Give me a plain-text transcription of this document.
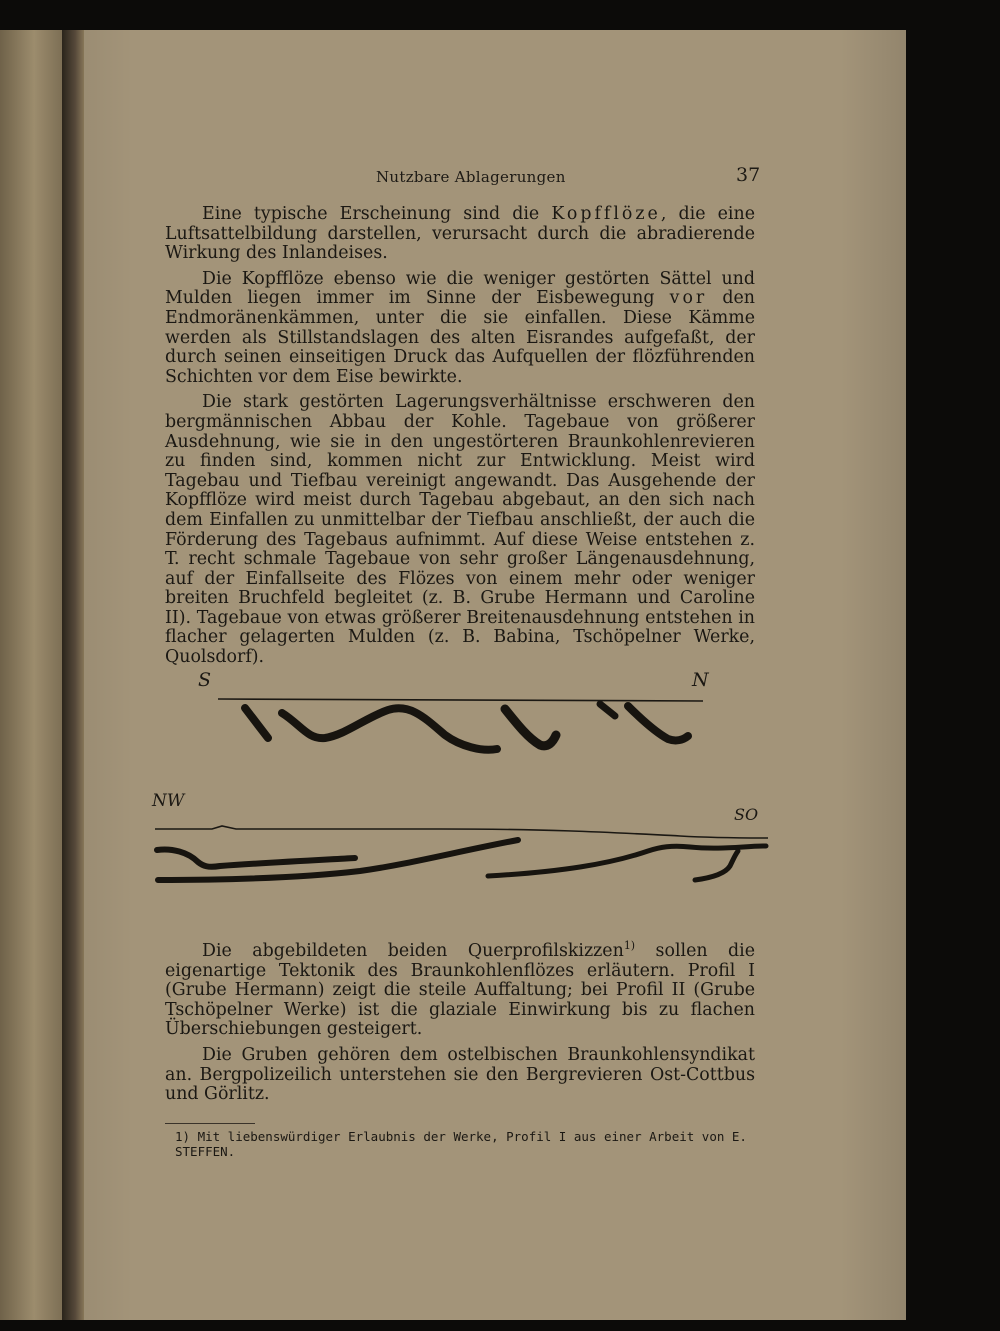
Nutzbare Ablagerungen	37

Eine typische Erscheinung sind die Kopfflöze, die eine Luftsattelbildung darstellen, verursacht durch die abradierende Wirkung des Inlandeises.

Die Kopfflöze ebenso wie die weniger gestörten Sättel und Mulden liegen immer im Sinne der Eisbewegung vor den Endmoränenkämmen, unter die sie einfallen. Diese Kämme werden als Stillstandslagen des alten Eisrandes aufgefaßt, der durch seinen einseitigen Druck das Aufquellen der flözführenden Schichten vor dem Eise bewirkte.

Die stark gestörten Lagerungsverhältnisse erschweren den bergmännischen Abbau der Kohle. Tagebaue von größerer Ausdehnung, wie sie in den ungestörteren Braunkohlenrevieren zu finden sind, kommen nicht zur Entwicklung. Meist wird Tagebau und Tiefbau vereinigt angewandt. Das Ausgehende der Kopfflöze wird meist durch Tagebau abgebaut, an den sich nach dem Einfallen zu unmittelbar der Tiefbau anschließt, der auch die Förderung des Tagebaus aufnimmt. Auf diese Weise entstehen z. T. recht schmale Tagebaue von sehr großer Längenausdehnung, auf der Einfallseite des Flözes von einem mehr oder weniger breiten Bruchfeld begleitet (z. B. Grube Hermann und Caroline II). Tagebaue von etwas größerer Breitenausdehnung entstehen in flacher gelagerten Mulden (z. B. Babina, Tschöpelner Werke, Quolsdorf).

S	N
NW
SO

Die abgebildeten beiden Querprofilskizzen$^{1)}$ sollen die eigenartige Tektonik des Braunkohlenflözes erläutern. Profil I (Grube Hermann) zeigt die steile Auffaltung; bei Profil II (Grube Tschöpelner Werke) ist die glaziale Einwirkung bis zu flachen Überschiebungen gesteigert.

Die Gruben gehören dem ostelbischen Braunkohlensyndikat an. Bergpolizeilich unterstehen sie den Bergrevieren Ost-Cottbus und Görlitz.

1) Mit liebenswürdiger Erlaubnis der Werke, Profil I aus einer Arbeit von E. STEFFEN.
